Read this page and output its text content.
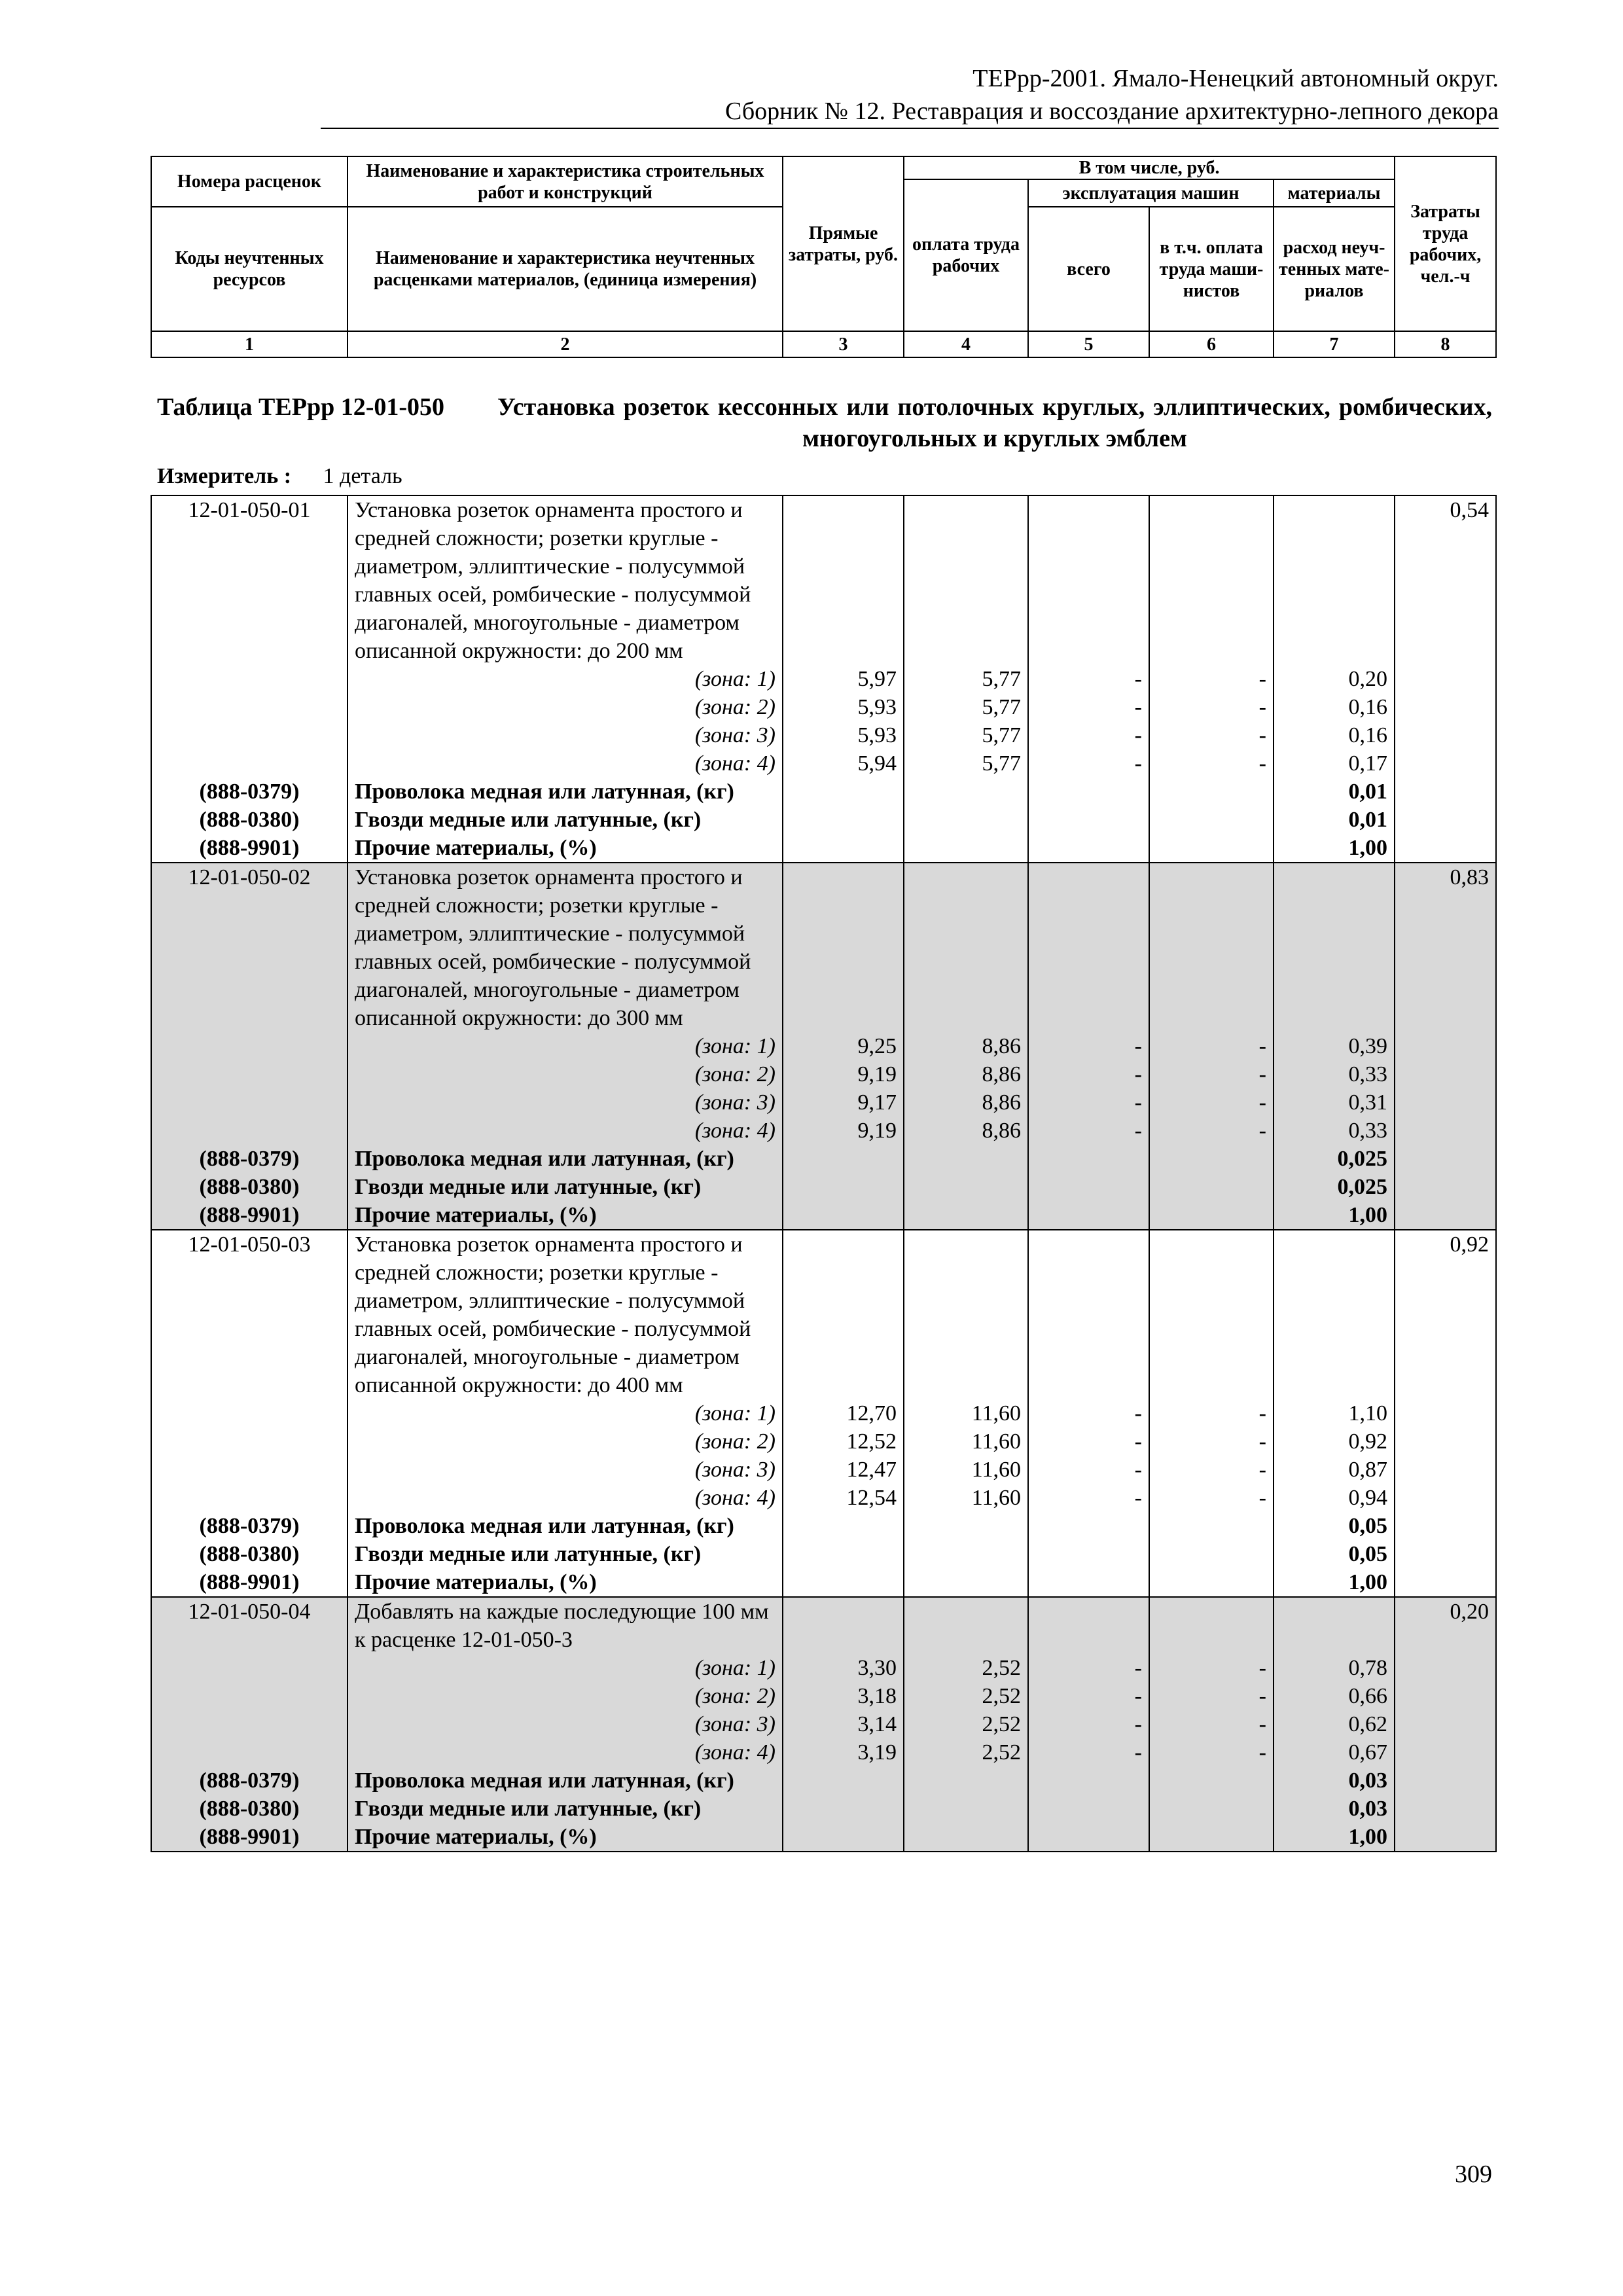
ТЕРрр-2001. Ямало-Ненецкий автономный округ.
Сборник № 12. Реставрация и воссоздание архитектурно-лепного декора
Номера расценок	Наименование и характеристика строительных работ и конструкций	Прямые затраты, руб.	В том числе, руб.				Затраты труда рабочих, чел.-ч
			оплата труда рабочих	эксплуатация машин		материалы	
Коды неучтенных ресурсов	Наименование и характеристика неучтенных расценками материалов, (единица измерения)			всего	в т.ч. оплата труда маши-нистов	расход неуч-тенных мате-риалов	

1	2	3	4	5	6	7	8
Таблица ТЕРрр 12-01-050 Установка розеток кессонных или потолочных круглых, эллиптических, ромбических, многоугольных и круглых эмблем
Измеритель : 1 деталь
12-01-050-01	Установка розеток орнамента простого и средней сложности; розетки круглые - диаметром, эллиптические - полусуммой главных осей, ромбические - полусуммой диагоналей, многоугольные - диаметром описанной окружности: до 200 мм						0,54
	(зона: 1)	5,97	5,77	-	-	0,20	
	(зона: 2)	5,93	5,77	-	-	0,16	
	(зона: 3)	5,93	5,77	-	-	0,16	
	(зона: 4)	5,94	5,77	-	-	0,17	
(888-0379)	Проволока медная или латунная, (кг)					0,01	
(888-0380)	Гвозди медные или латунные, (кг)					0,01	
(888-9901)	Прочие материалы, (%)					1,00	
12-01-050-02	Установка розеток орнамента простого и средней сложности; розетки круглые - диаметром, эллиптические - полусуммой главных осей, ромбические - полусуммой диагоналей, многоугольные - диаметром описанной окружности: до 300 мм						0,83
	(зона: 1)	9,25	8,86	-	-	0,39	
	(зона: 2)	9,19	8,86	-	-	0,33	
	(зона: 3)	9,17	8,86	-	-	0,31	
	(зона: 4)	9,19	8,86	-	-	0,33	
(888-0379)	Проволока медная или латунная, (кг)					0,025	
(888-0380)	Гвозди медные или латунные, (кг)					0,025	
(888-9901)	Прочие материалы, (%)					1,00	
12-01-050-03	Установка розеток орнамента простого и средней сложности; розетки круглые - диаметром, эллиптические - полусуммой главных осей, ромбические - полусуммой диагоналей, многоугольные - диаметром описанной окружности: до 400 мм						0,92
	(зона: 1)	12,70	11,60	-	-	1,10	
	(зона: 2)	12,52	11,60	-	-	0,92	
	(зона: 3)	12,47	11,60	-	-	0,87	
	(зона: 4)	12,54	11,60	-	-	0,94	
(888-0379)	Проволока медная или латунная, (кг)					0,05	
(888-0380)	Гвозди медные или латунные, (кг)					0,05	
(888-9901)	Прочие материалы, (%)					1,00	
12-01-050-04	Добавлять на каждые последующие 100 мм к расценке 12-01-050-3						0,20
	(зона: 1)	3,30	2,52	-	-	0,78	
	(зона: 2)	3,18	2,52	-	-	0,66	
	(зона: 3)	3,14	2,52	-	-	0,62	
	(зона: 4)	3,19	2,52	-	-	0,67	
(888-0379)	Проволока медная или латунная, (кг)					0,03	
(888-0380)	Гвозди медные или латунные, (кг)					0,03	
(888-9901)	Прочие материалы, (%)					1,00	
309
